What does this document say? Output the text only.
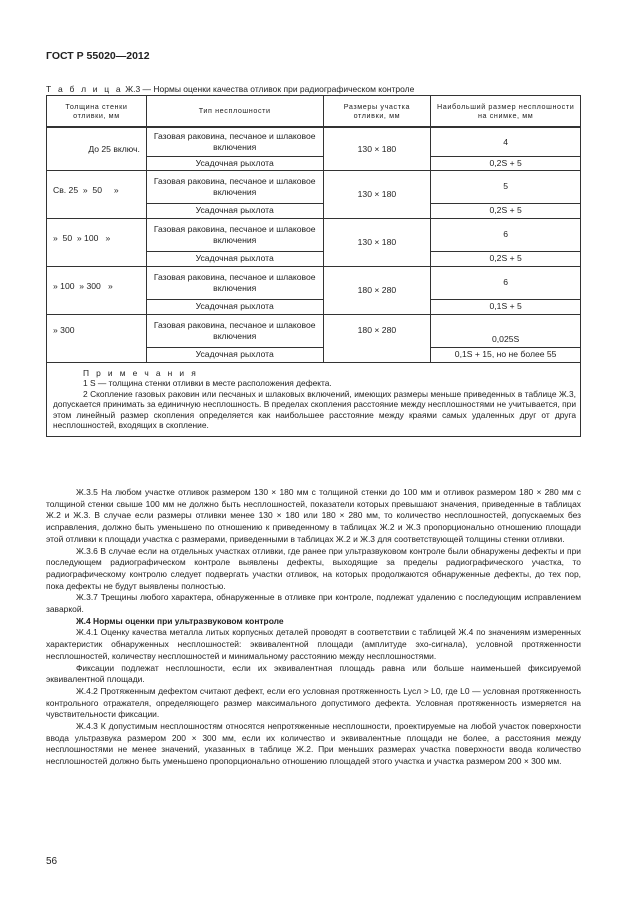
ГОСТ Р 55020—2012
Т а б л и ц а Ж.3 — Нормы оценки качества отливок при радиографическом контроле
Толщина стенки отливки, мм	Тип несплошности	Размеры участка отливки, мм	Наибольший размер несплошности на снимке, мм
До 25 включ.	Газовая раковина, песчаное и шлаковое включения	130 × 180	4
	Усадочная рыхлота		0,2S + 5
Св. 25  »  50     »	Газовая раковина, песчаное и шлаковое включения	130 × 180	5
	Усадочная рыхлота		0,2S + 5
»  50  » 100   »	Газовая раковина, песчаное и шлаковое включения	130 × 180	6
	Усадочная рыхлота		0,2S + 5
» 100  » 300   »	Газовая раковина, песчаное и шлаковое включения	180 × 280	6
	Усадочная рыхлота		0,1S + 5
» 300	Газовая раковина, песчаное и шлаковое включения	180 × 280	0,025S
	Усадочная рыхлота		0,1S + 15, но не более 55

П р и м е ч а н и я
1 S — толщина стенки отливки в месте расположения дефекта.
2 Скопление газовых раковин или песчаных и шлаковых включений, имеющих размеры меньше приведенных в таблице Ж.3, допускается принимать за единичную несплошность. В пределах скопления расстояние между несплошностями не учитывается, при этом линейный размер скопления определяется как наибольшее расстояние между краями самых удаленных друг от друга несплошностей, входящих в скопление.			

Ж.3.5 На любом участке отливок размером 130 × 180 мм с толщиной стенки до 100 мм и отливок размером 180 × 280 мм с толщиной стенки свыше 100 мм не должно быть несплошностей, показатели которых превышают значения, приведенные в таблицах Ж.2 и Ж.3. В случае если размеры отливки менее 130 × 180 или 180 × 280 мм, то количество несплошностей, допускаемых без исправления, должно быть уменьшено по отношению к приведенному в таблицах Ж.2 и Ж.3 пропорционально отношению площади этой отливки к площади участка с размерами, приведенными в таблицах Ж.2 и Ж.3 для соответствующей толщины стенки отливки.

Ж.3.6 В случае если на отдельных участках отливки, где ранее при ультразвуковом контроле были обнаружены дефекты и при последующем радиографическом контроле выявлены дефекты, выходящие за пределы радиографического участка, то радиографическому контролю следует подвергать участки отливок, на которых продолжаются обнаруженные дефекты, до тех пор, пока дефекты не будут выявлены полностью.

Ж.3.7 Трещины любого характера, обнаруженные в отливке при контроле, подлежат удалению с последующим исправлением заваркой.

Ж.4 Нормы оценки при ультразвуковом контроле

Ж.4.1 Оценку качества металла литых корпусных деталей проводят в соответствии с таблицей Ж.4 по значениям измеренных характеристик обнаруженных несплошностей: эквивалентной площади (амплитуде эхо-сигнала), условной протяженности несплошностей, количеству несплошностей и минимальному расстоянию между несплошностями.

Фиксации подлежат несплошности, если их эквивалентная площадь равна или больше наименьшей фиксируемой эквивалентной площади.

Ж.4.2 Протяженным дефектом считают дефект, если его условная протяженность Lусл > L0, где L0 — условная протяженность контрольного отражателя, определяющего размер максимального допустимого дефекта. Условная протяженность измеряется на чувствительности фиксации.

Ж.4.3 К допустимым несплошностям относятся непротяженные несплошности, проектируемые на любой участок поверхности ввода ультразвука размером 200 × 300 мм, если их количество и эквивалентные площади не более, а расстояния между несплошностями не менее значений, указанных в таблице Ж.2. При меньших размерах участка поверхности ввода количество несплошностей должно быть уменьшено пропорционально отношению площадей этого участка и участка размером 200 × 300 мм.

56
